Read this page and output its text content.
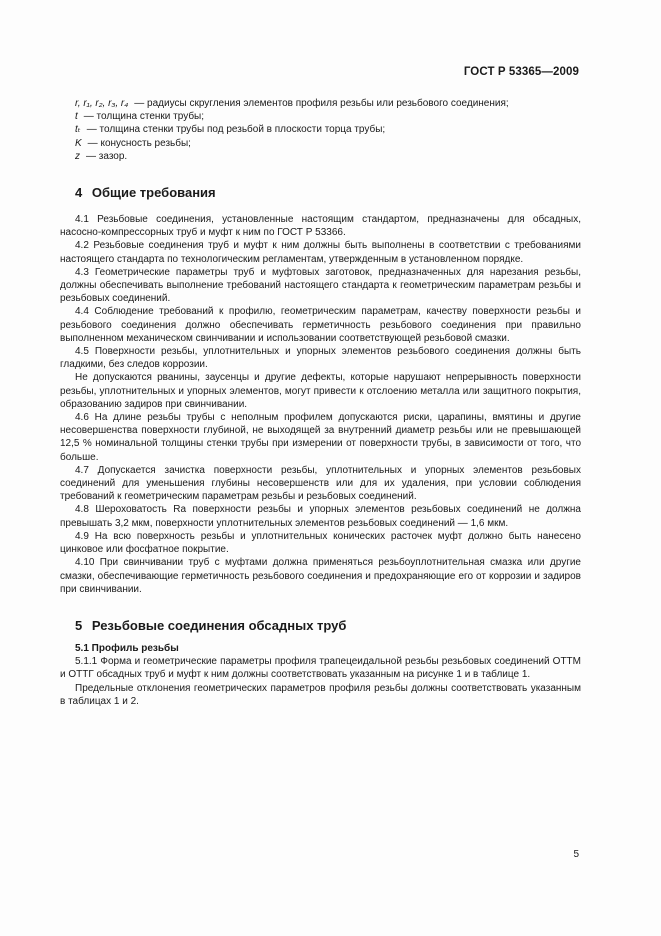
ГОСТ Р 53365—2009
r, r₁, r₂, r₃, r₄ — радиусы скругления элементов профиля резьбы или резьбового соединения;
t — толщина стенки трубы;
tₜ — толщина стенки трубы под резьбой в плоскости торца трубы;
K — конусность резьбы;
z — зазор.
4 Общие требования

4.1 Резьбовые соединения, установленные настоящим стандартом, предназначены для обсадных, насосно-компрессорных труб и муфт к ним по ГОСТ Р 53366.

4.2 Резьбовые соединения труб и муфт к ним должны быть выполнены в соответствии с требованиями настоящего стандарта по технологическим регламентам, утвержденным в установленном порядке.

4.3 Геометрические параметры труб и муфтовых заготовок, предназначенных для нарезания резьбы, должны обеспечивать выполнение требований настоящего стандарта к геометрическим параметрам резьбы и резьбовых соединений.

4.4 Соблюдение требований к профилю, геометрическим параметрам, качеству поверхности резьбы и резьбового соединения должно обеспечивать герметичность резьбового соединения при правильно выполненном механическом свинчивании и использовании соответствующей резьбовой смазки.

4.5 Поверхности резьбы, уплотнительных и упорных элементов резьбового соединения должны быть гладкими, без следов коррозии.

Не допускаются рванины, заусенцы и другие дефекты, которые нарушают непрерывность поверхности резьбы, уплотнительных и упорных элементов, могут привести к отслоению металла или защитного покрытия, образованию задиров при свинчивании.

4.6 На длине резьбы трубы с неполным профилем допускаются риски, царапины, вмятины и другие несовершенства поверхности глубиной, не выходящей за внутренний диаметр резьбы или не превышающей 12,5 % номинальной толщины стенки трубы при измерении от поверхности трубы, в зависимости от того, что больше.

4.7 Допускается зачистка поверхности резьбы, уплотнительных и упорных элементов резьбовых соединений для уменьшения глубины несовершенств или для их удаления, при условии соблюдения требований к геометрическим параметрам резьбы и резьбовых соединений.

4.8 Шероховатость Ra поверхности резьбы и упорных элементов резьбовых соединений не должна превышать 3,2 мкм, поверхности уплотнительных элементов резьбовых соединений — 1,6 мкм.

4.9 На всю поверхность резьбы и уплотнительных конических расточек муфт должно быть нанесено цинковое или фосфатное покрытие.

4.10 При свинчивании труб с муфтами должна применяться резьбоуплотнительная смазка или другие смазки, обеспечивающие герметичность резьбового соединения и предохраняющие его от коррозии и задиров при свинчивании.

5 Резьбовые соединения обсадных труб
5.1 Профиль резьбы

5.1.1 Форма и геометрические параметры профиля трапецеидальной резьбы резьбовых соединений ОТТМ и ОТТГ обсадных труб и муфт к ним должны соответствовать указанным на рисунке 1 и в таблице 1.

Предельные отклонения геометрических параметров профиля резьбы должны соответствовать указанным в таблицах 1 и 2.

5
